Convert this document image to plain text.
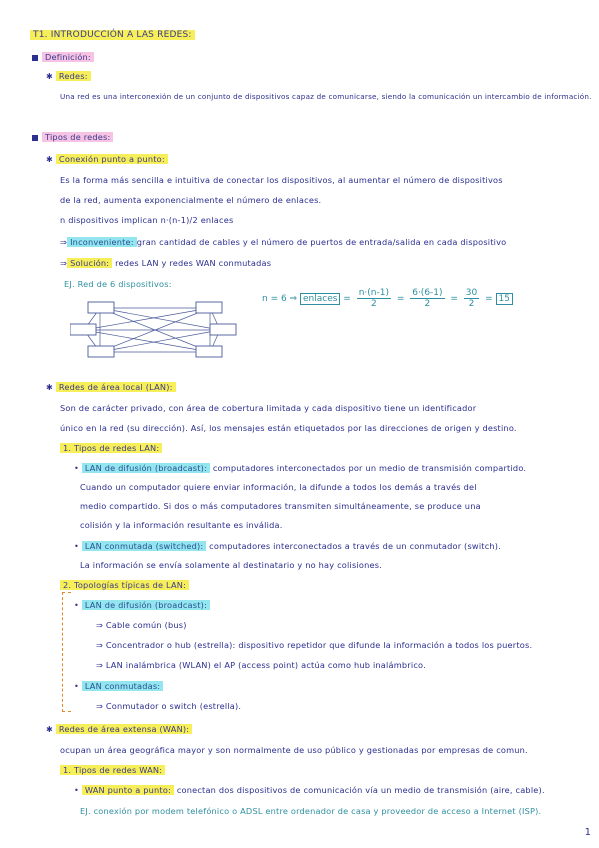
T1. INTRODUCCIÓN A LAS REDES:
Definición:
✱ Redes:
Una red es una interconexión de un conjunto de dispositivos capaz de comunicarse, siendo la comunicación un intercambio de información.
Tipos de redes:
✱ Conexión punto a punto:
Es la forma más sencilla e intuitiva de conectar los dispositivos, al aumentar el número de dispositivos
de la red, aumenta exponencialmente el número de enlaces.
n dispositivos implican n·(n-1)/2 enlaces
⇒ Inconveniente: gran cantidad de cables y el número de puertos de entrada/salida en cada dispositivo
⇒ Solución: redes LAN y redes WAN conmutadas
EJ. Red de 6 dispositivos:
n = 6 ⇒ enlaces = $\frac{n\cdot(n-1)}{2} = \frac{6\cdot(6-1)}{2} = \frac{30}{2} = 15$
✱ Redes de área local (LAN):
Son de carácter privado, con área de cobertura limitada y cada dispositivo tiene un identificador
único en la red (su dirección). Así, los mensajes están etiquetados por las direcciones de origen y destino.
1. Tipos de redes LAN:
• LAN de difusión (broadcast): computadores interconectados por un medio de transmisión compartido.
Cuando un computador quiere enviar información, la difunde a todos los demás a través del
medio compartido. Si dos o más computadores transmiten simultáneamente, se produce una
colisión y la información resultante es inválida.
• LAN conmutada (switched): computadores interconectados a través de un conmutador (switch).
La información se envía solamente al destinatario y no hay colisiones.
2. Topologías típicas de LAN:
• LAN de difusión (broadcast):
⇒ Cable común (bus)
⇒ Concentrador o hub (estrella): dispositivo repetidor que difunde la información a todos los puertos.
⇒ LAN inalámbrica (WLAN) el AP (access point) actúa como hub inalámbrico.
• LAN conmutadas:
⇒ Conmutador o switch (estrella).
✱ Redes de área extensa (WAN):
ocupan un área geográfica mayor y son normalmente de uso público y gestionadas por empresas de comun.
1. Tipos de redes WAN:
• WAN punto a punto: conectan dos dispositivos de comunicación vía un medio de transmisión (aire, cable).
EJ. conexión por modem telefónico o ADSL entre ordenador de casa y proveedor de acceso a Internet (ISP).
1
